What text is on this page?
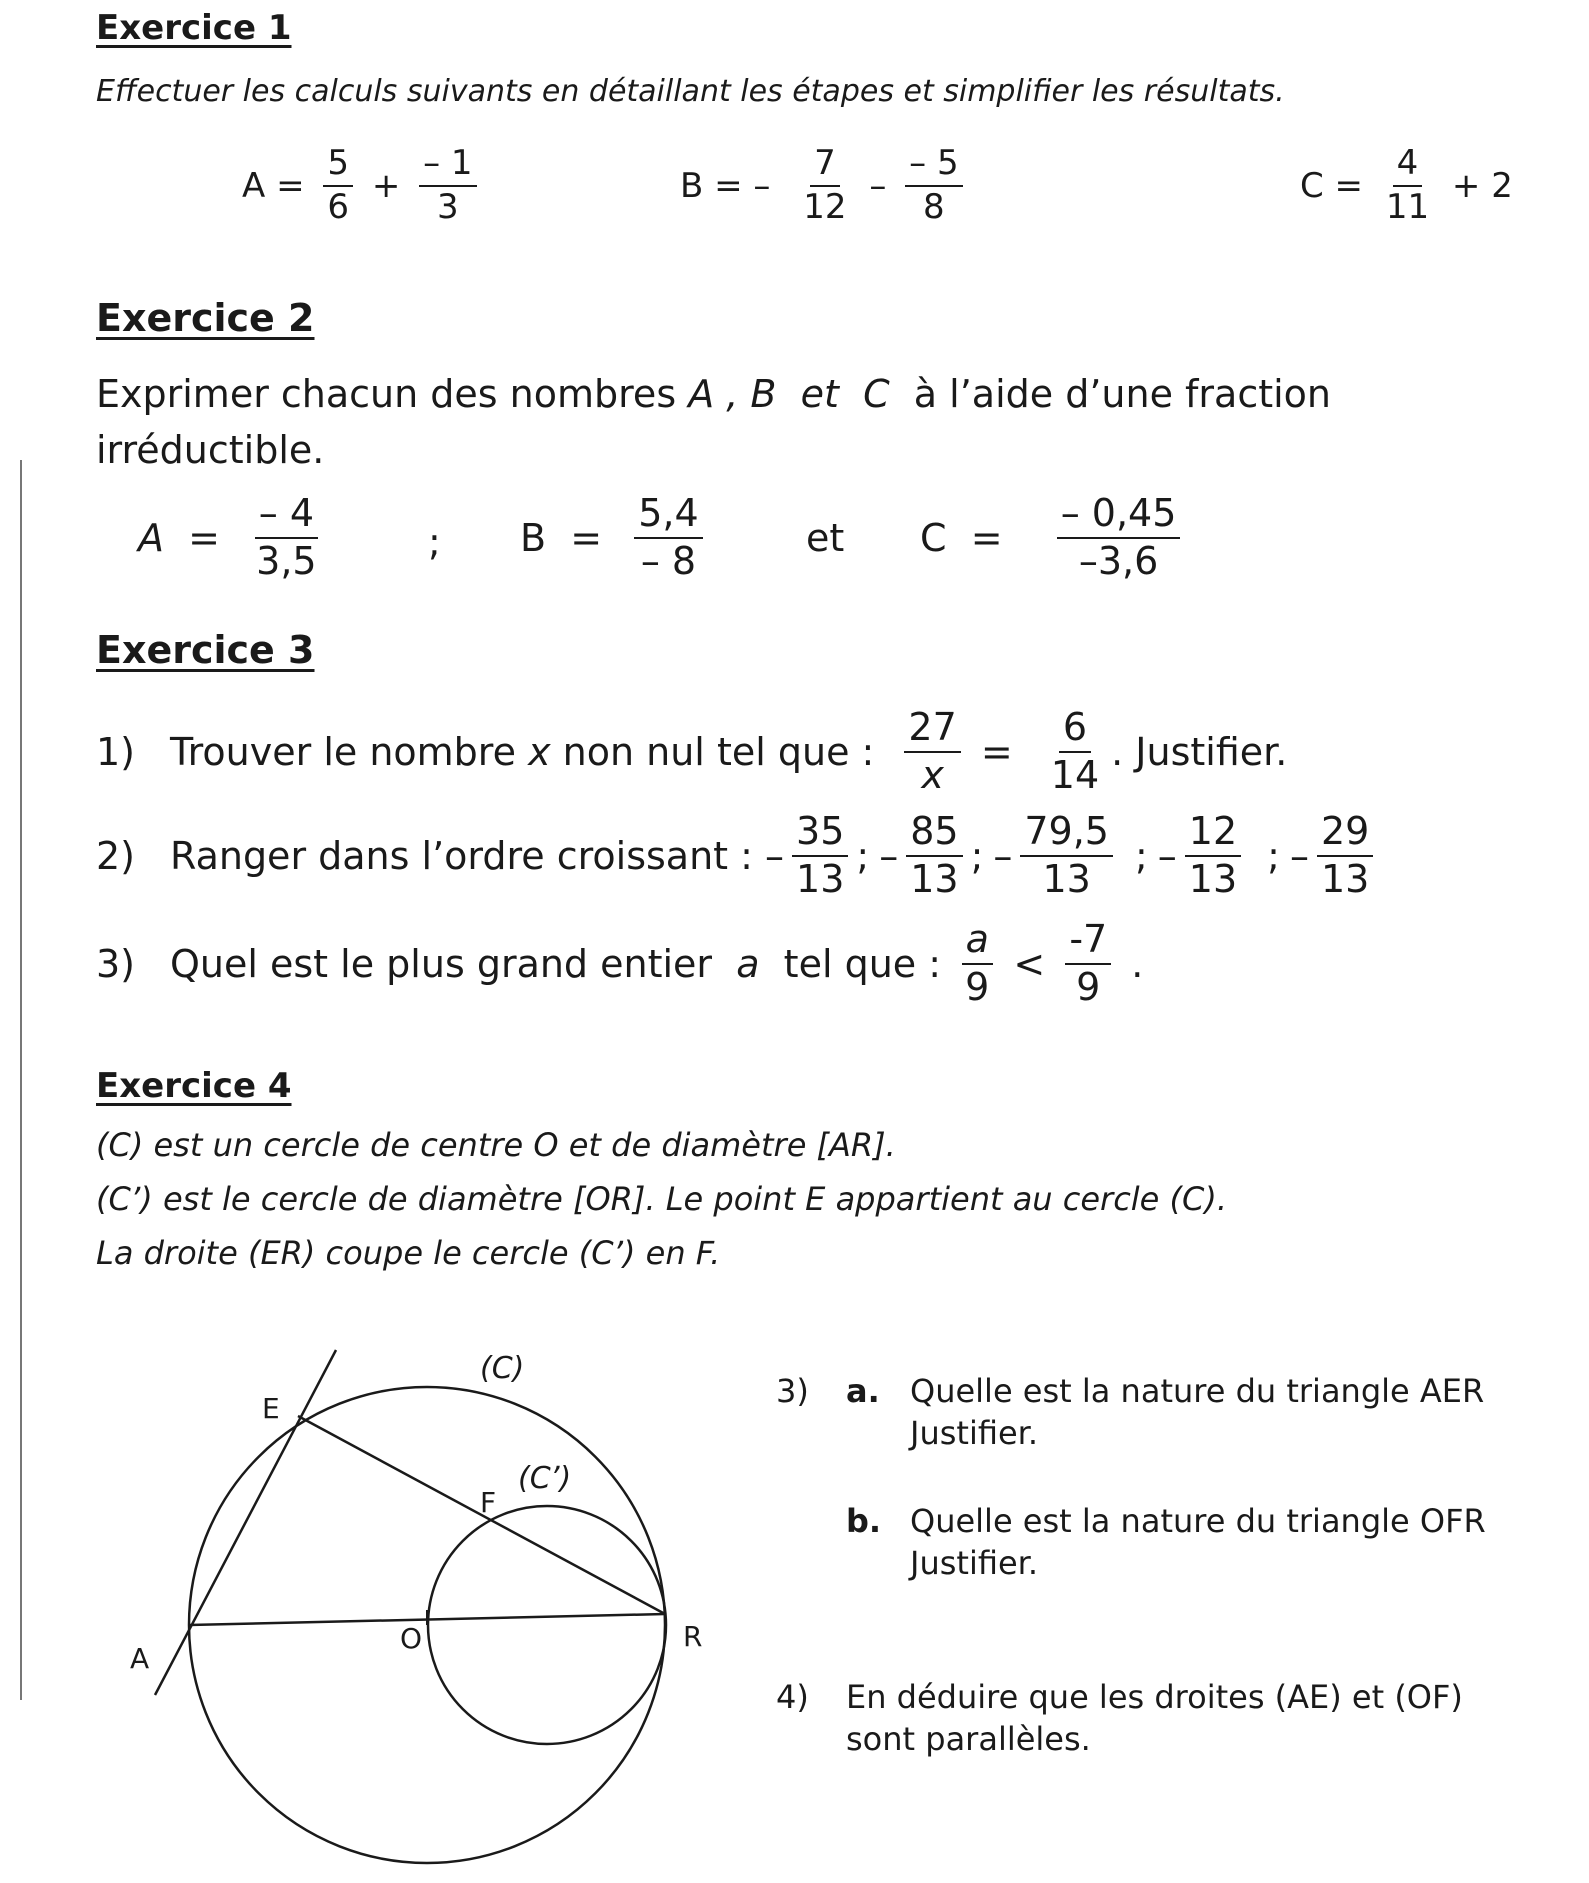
Exercice 1
Effectuer les calculs suivants en détaillant les étapes et simplifier les résultats.
$A = \frac{5}{6} + \frac{- 1}{3}$	B = – $\frac{7}{12} - \frac{- 5}{8}$	$C = \frac{4}{11} + 2$
Exercice 2
Exprimer chacun des nombres A , B  et  C  à l’aide d’une fraction
irréductible.
$A = \frac{- 4}{3,5}$	; $B = \frac{5,4}{- 8}$	et $C = \frac{- 0,45}{-3,6}$
Exercice 3
1) Trouver le nombre x non nul tel que : $\frac{27}{x} = \frac{6}{14}$ . Justifier.
2) Ranger dans l’ordre croissant : – $\frac{35}{13}$ ; – $\frac{85}{13}$ ; – $\frac{79,5}{13}$ ; – $\frac{12}{13}$ ; – $\frac{29}{13}$
3) Quel est le plus grand entier a tel que : $\frac{a}{9} < \frac{-7}{9}$ .
Exercice 4
(C) est un cercle de centre O et de diamètre [AR].
(C’) est le cercle de diamètre [OR]. Le point E appartient au cercle (C).
La droite (ER) coupe le cercle (C’) en F.
(C)
(C’)
E
F
A
O	R
3)	a. Quelle est la nature du triangle AER
Justifier.
b. Quelle est la nature du triangle OFR
Justifier.
4)	En déduire que les droites (AE) et (OF)
sont parallèles.
